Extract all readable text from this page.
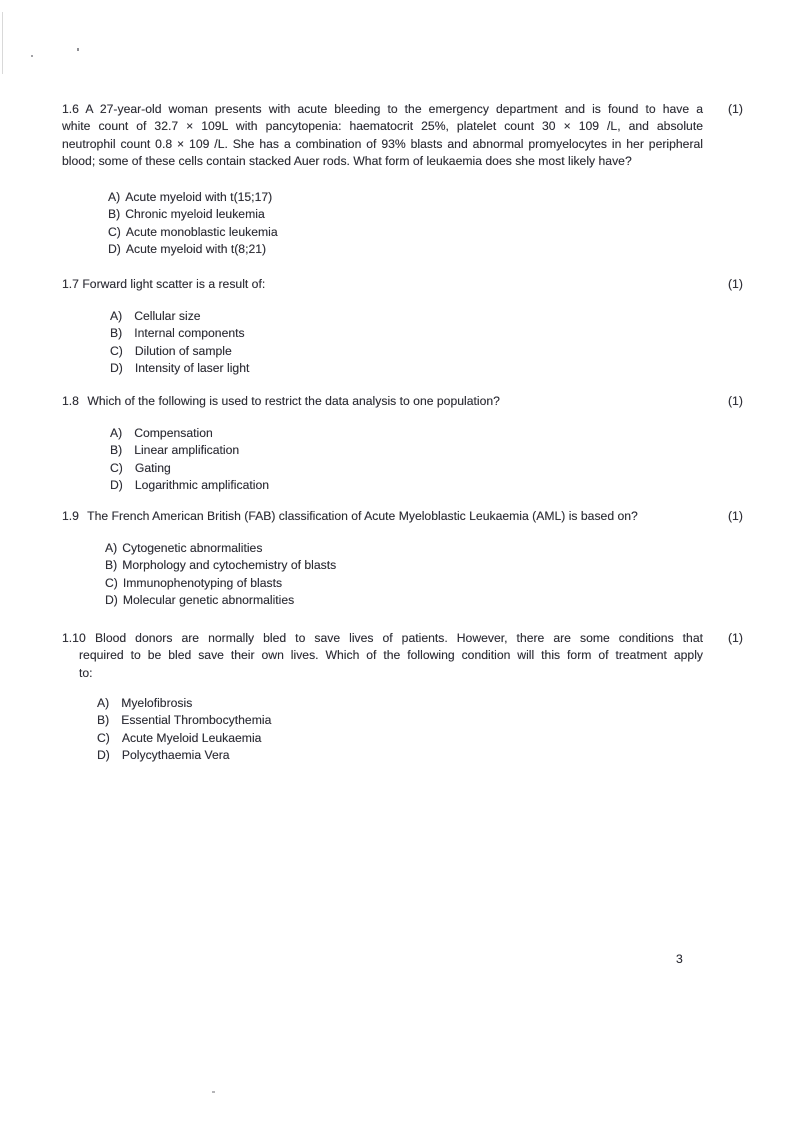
1.6 A 27-year-old woman presents with acute bleeding to the emergency department and is found to have a
white count of 32.7 × 109L with pancytopenia: haematocrit 25%, platelet count 30 × 109 /L, and absolute
neutrophil count 0.8 × 109 /L. She has a combination of 93% blasts and abnormal promyelocytes in her peripheral
blood; some of these cells contain stacked Auer rods. What form of leukaemia does she most likely have?
(1)
A) Acute myeloid with t(15;17)
B) Chronic myeloid leukemia
C) Acute monoblastic leukemia
D) Acute myeloid with t(8;21)
1.7 Forward light scatter is a result of:	(1)
A) Cellular size
B) Internal components
C) Dilution of sample
D) Intensity of laser light
1.8 Which of the following is used to restrict the data analysis to one population?	(1)
A) Compensation
B) Linear amplification
C) Gating
D) Logarithmic amplification
1.9 The French American British (FAB) classification of Acute Myeloblastic Leukaemia (AML) is based on?	(1)
A) Cytogenetic abnormalities
B) Morphology and cytochemistry of blasts
C) Immunophenotyping of blasts
D) Molecular genetic abnormalities
1.10 Blood donors are normally bled to save lives of patients. However, there are some conditions that
required to be bled save their own lives. Which of the following condition will this form of treatment apply
to:
(1)
A) Myelofibrosis
B) Essential Thrombocythemia
C) Acute Myeloid Leukaemia
D) Polycythaemia Vera
3
